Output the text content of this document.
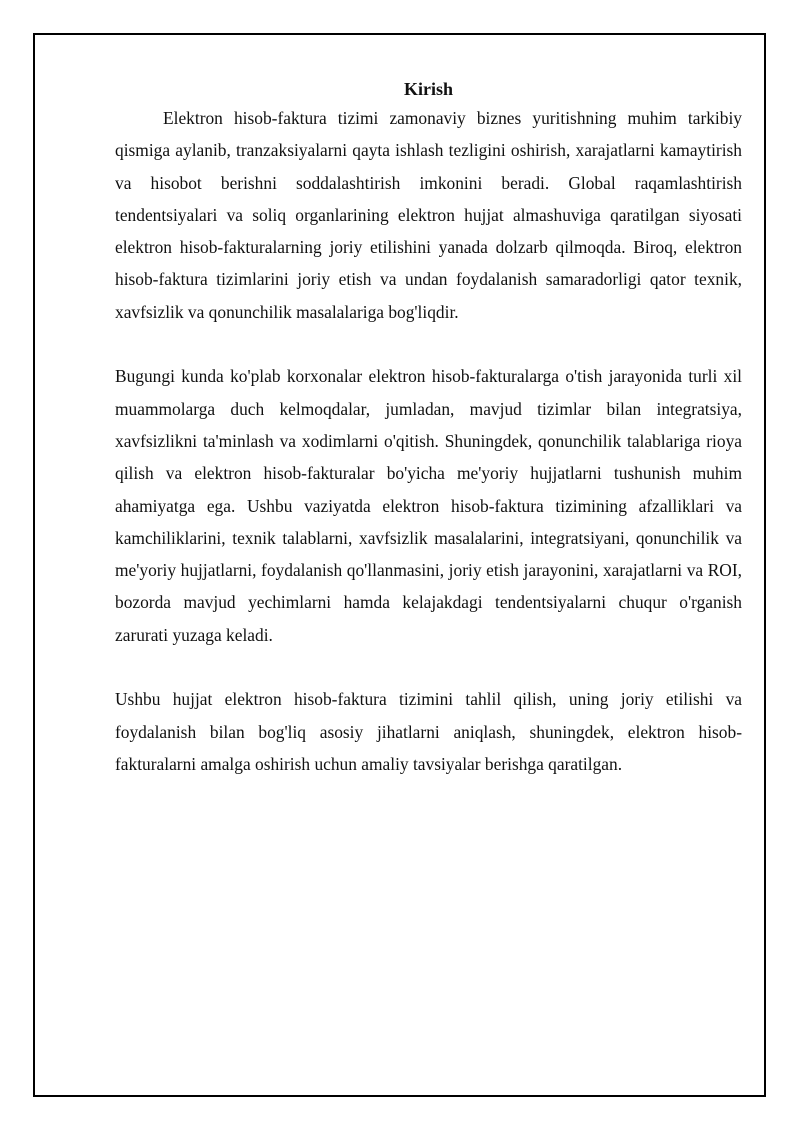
Kirish

Elektron hisob-faktura tizimi zamonaviy biznes yuritishning muhim tarkibiy qismiga aylanib, tranzaksiyalarni qayta ishlash tezligini oshirish, xarajatlarni kamaytirish va hisobot berishni soddalashtirish imkonini beradi. Global raqamlashtirish tendentsiyalari va soliq organlarining elektron hujjat almashuviga qaratilgan siyosati elektron hisob-fakturalarning joriy etilishini yanada dolzarb qilmoqda. Biroq, elektron hisob-faktura tizimlarini joriy etish va undan foydalanish samaradorligi qator texnik, xavfsizlik va qonunchilik masalalariga bog'liqdir.

Bugungi kunda ko'plab korxonalar elektron hisob-fakturalarga o'tish jarayonida turli xil muammolarga duch kelmoqdalar, jumladan, mavjud tizimlar bilan integratsiya, xavfsizlikni ta'minlash va xodimlarni o'qitish. Shuningdek, qonunchilik talablariga rioya qilish va elektron hisob-fakturalar bo'yicha me'yoriy hujjatlarni tushunish muhim ahamiyatga ega. Ushbu vaziyatda elektron hisob-faktura tizimining afzalliklari va kamchiliklarini, texnik talablarni, xavfsizlik masalalarini, integratsiyani, qonunchilik va me'yoriy hujjatlarni, foydalanish qo'llanmasini, joriy etish jarayonini, xarajatlarni va ROI, bozorda mavjud yechimlarni hamda kelajakdagi tendentsiyalarni chuqur o'rganish zarurati yuzaga keladi.

Ushbu hujjat elektron hisob-faktura tizimini tahlil qilish, uning joriy etilishi va foydalanish bilan bog'liq asosiy jihatlarni aniqlash, shuningdek, elektron hisob-fakturalarni amalga oshirish uchun amaliy tavsiyalar berishga qaratilgan.
